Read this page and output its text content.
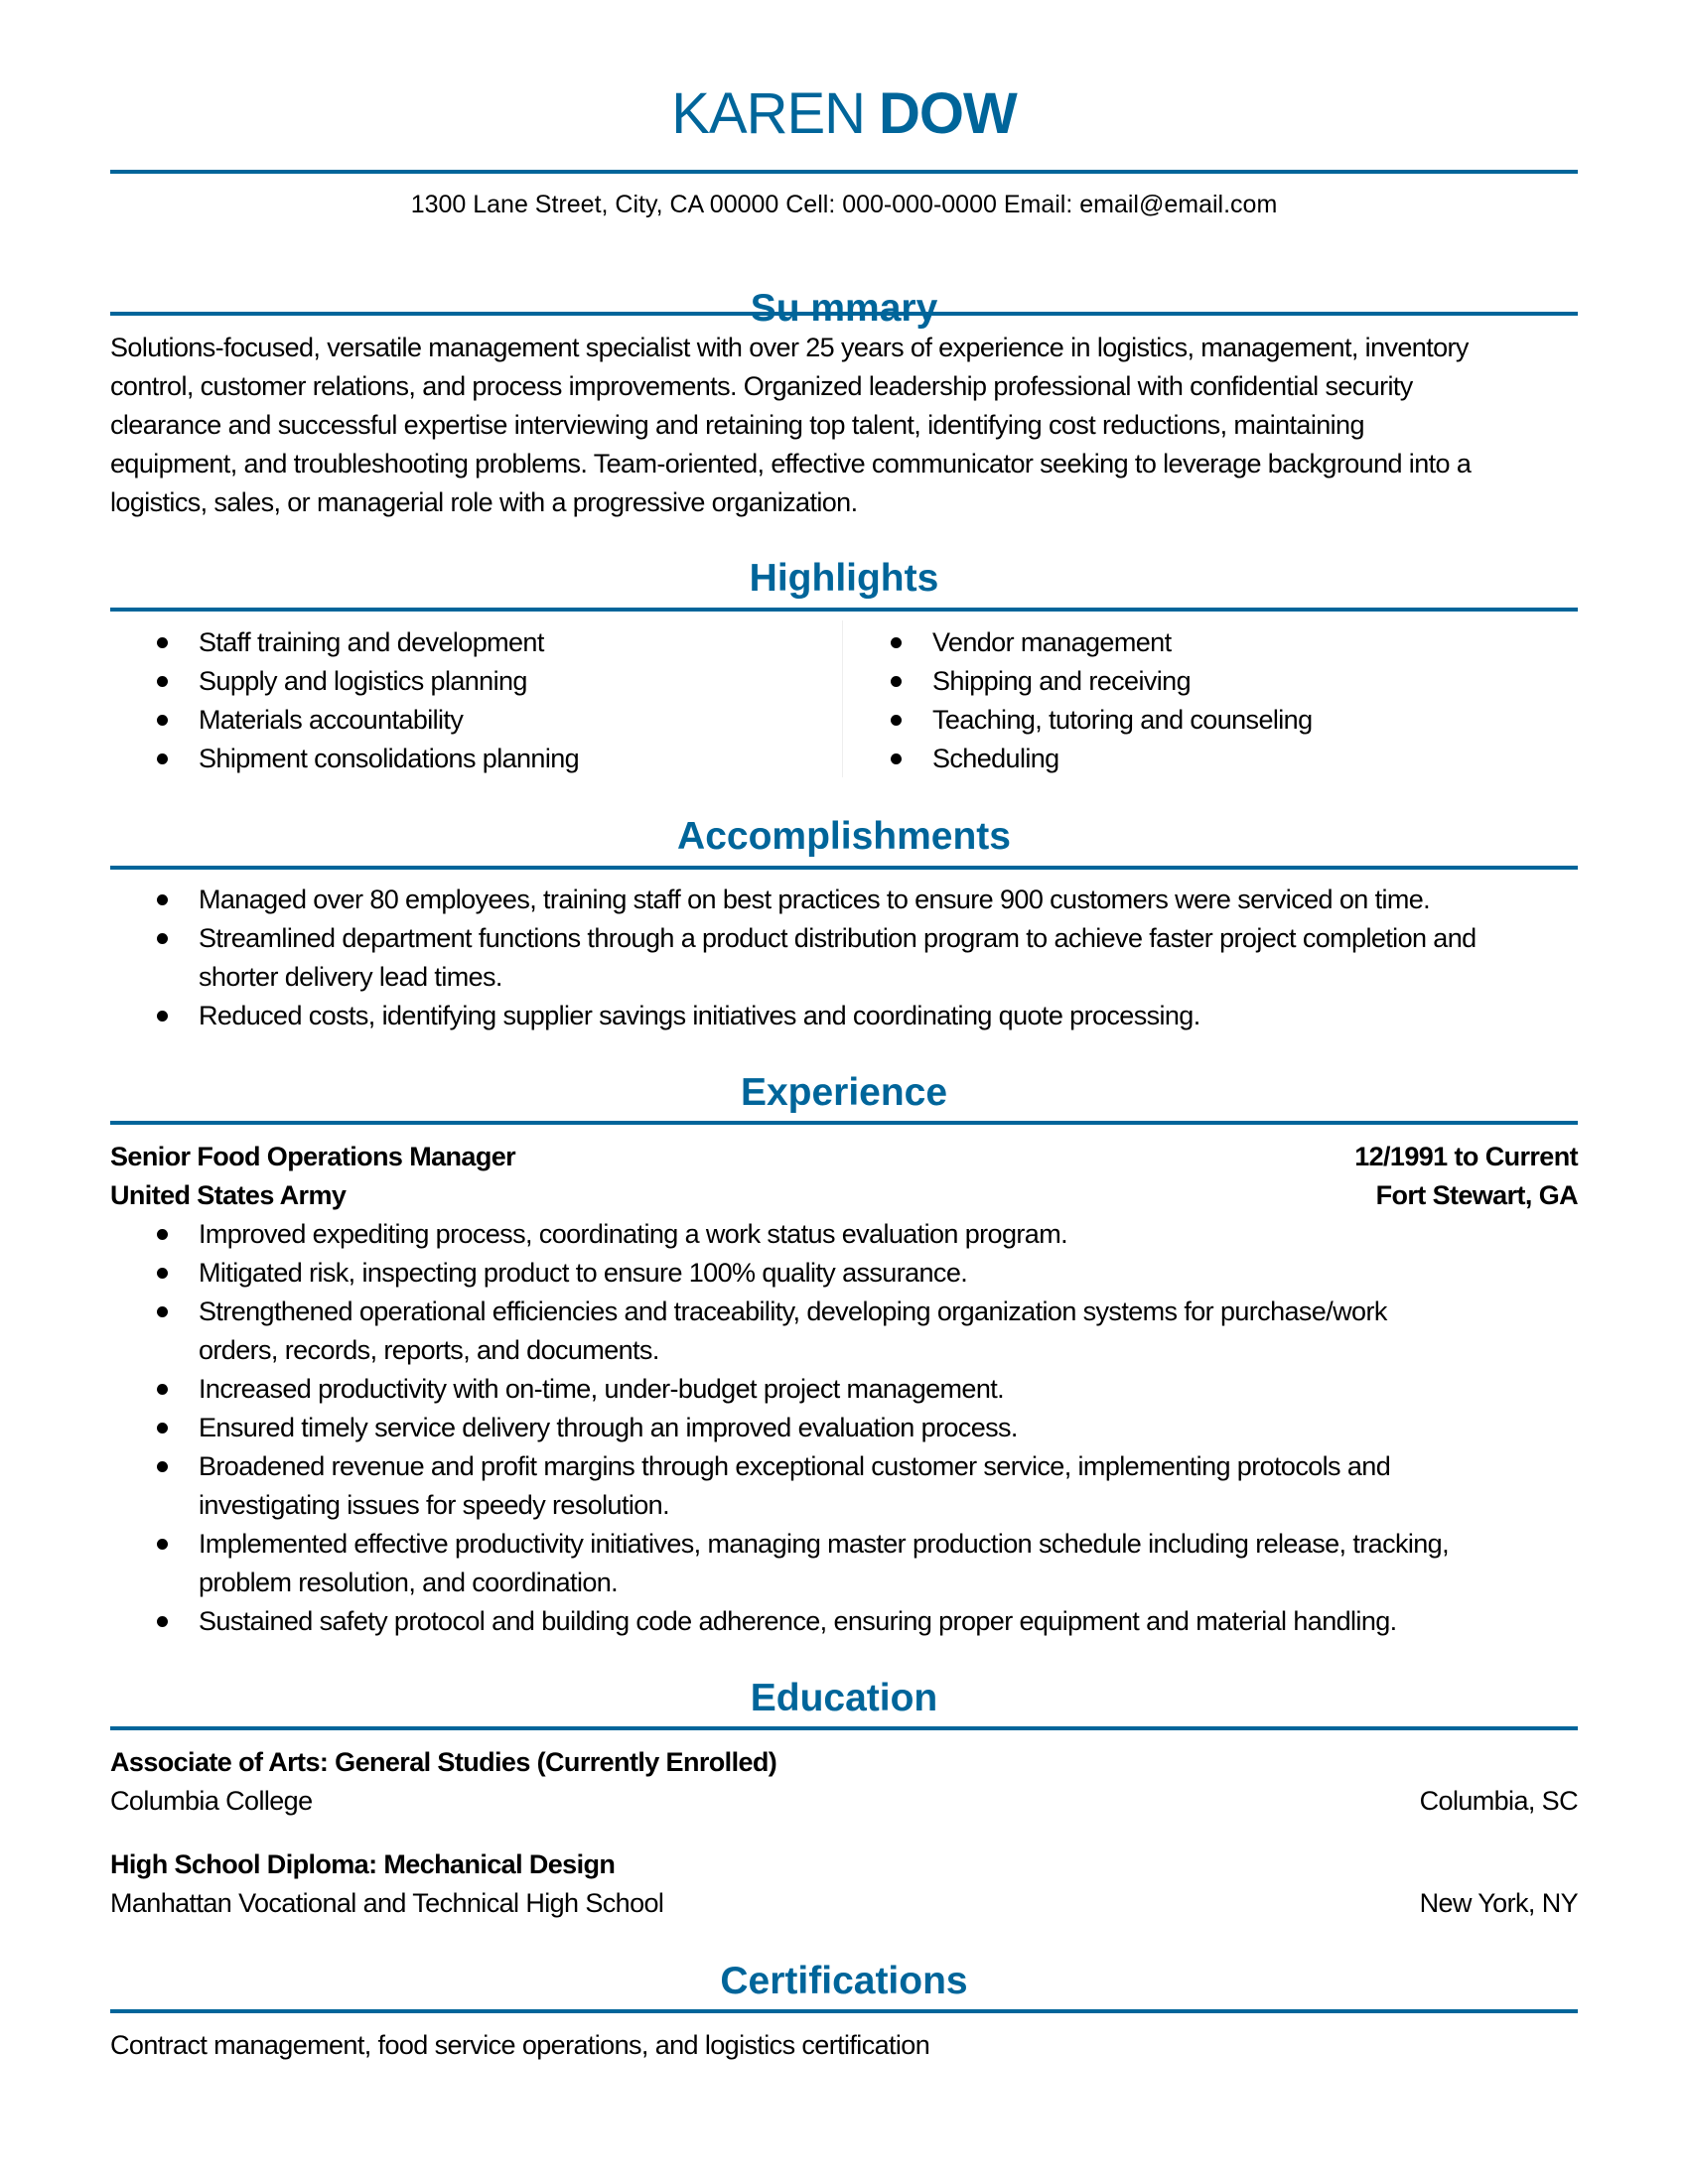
KAREN DOW
1300 Lane Street, City, CA 00000 Cell: 000-000-0000 Email: email@email.com
Su mmary
Solutions-focused, versatile management specialist with over 25 years of experience in logistics, management, inventory
control, customer relations, and process improvements. Organized leadership professional with confidential security
clearance and successful expertise interviewing and retaining top talent, identifying cost reductions, maintaining
equipment, and troubleshooting problems. Team-oriented, effective communicator seeking to leverage background into a
logistics, sales, or managerial role with a progressive organization.
Highlights
Staff training and development
Supply and logistics planning
Materials accountability
Shipment consolidations planning
Vendor management
Shipping and receiving
Teaching, tutoring and counseling
Scheduling
Accomplishments
Managed over 80 employees, training staff on best practices to ensure 900 customers were serviced on time.
Streamlined department functions through a product distribution program to achieve faster project completion and
shorter delivery lead times.
Reduced costs, identifying supplier savings initiatives and coordinating quote processing.
Experience
Senior Food Operations Manager	12/1991 to Current
United States Army	Fort Stewart, GA
Improved expediting process, coordinating a work status evaluation program.
Mitigated risk, inspecting product to ensure 100% quality assurance.
Strengthened operational efficiencies and traceability, developing organization systems for purchase/work
orders, records, reports, and documents.
Increased productivity with on-time, under-budget project management.
Ensured timely service delivery through an improved evaluation process.
Broadened revenue and profit margins through exceptional customer service, implementing protocols and
investigating issues for speedy resolution.
Implemented effective productivity initiatives, managing master production schedule including release, tracking,
problem resolution, and coordination.
Sustained safety protocol and building code adherence, ensuring proper equipment and material handling.
Education
Associate of Arts: General Studies (Currently Enrolled)
Columbia College	Columbia, SC
High School Diploma: Mechanical Design
Manhattan Vocational and Technical High School	New York, NY
Certifications
Contract management, food service operations, and logistics certification
